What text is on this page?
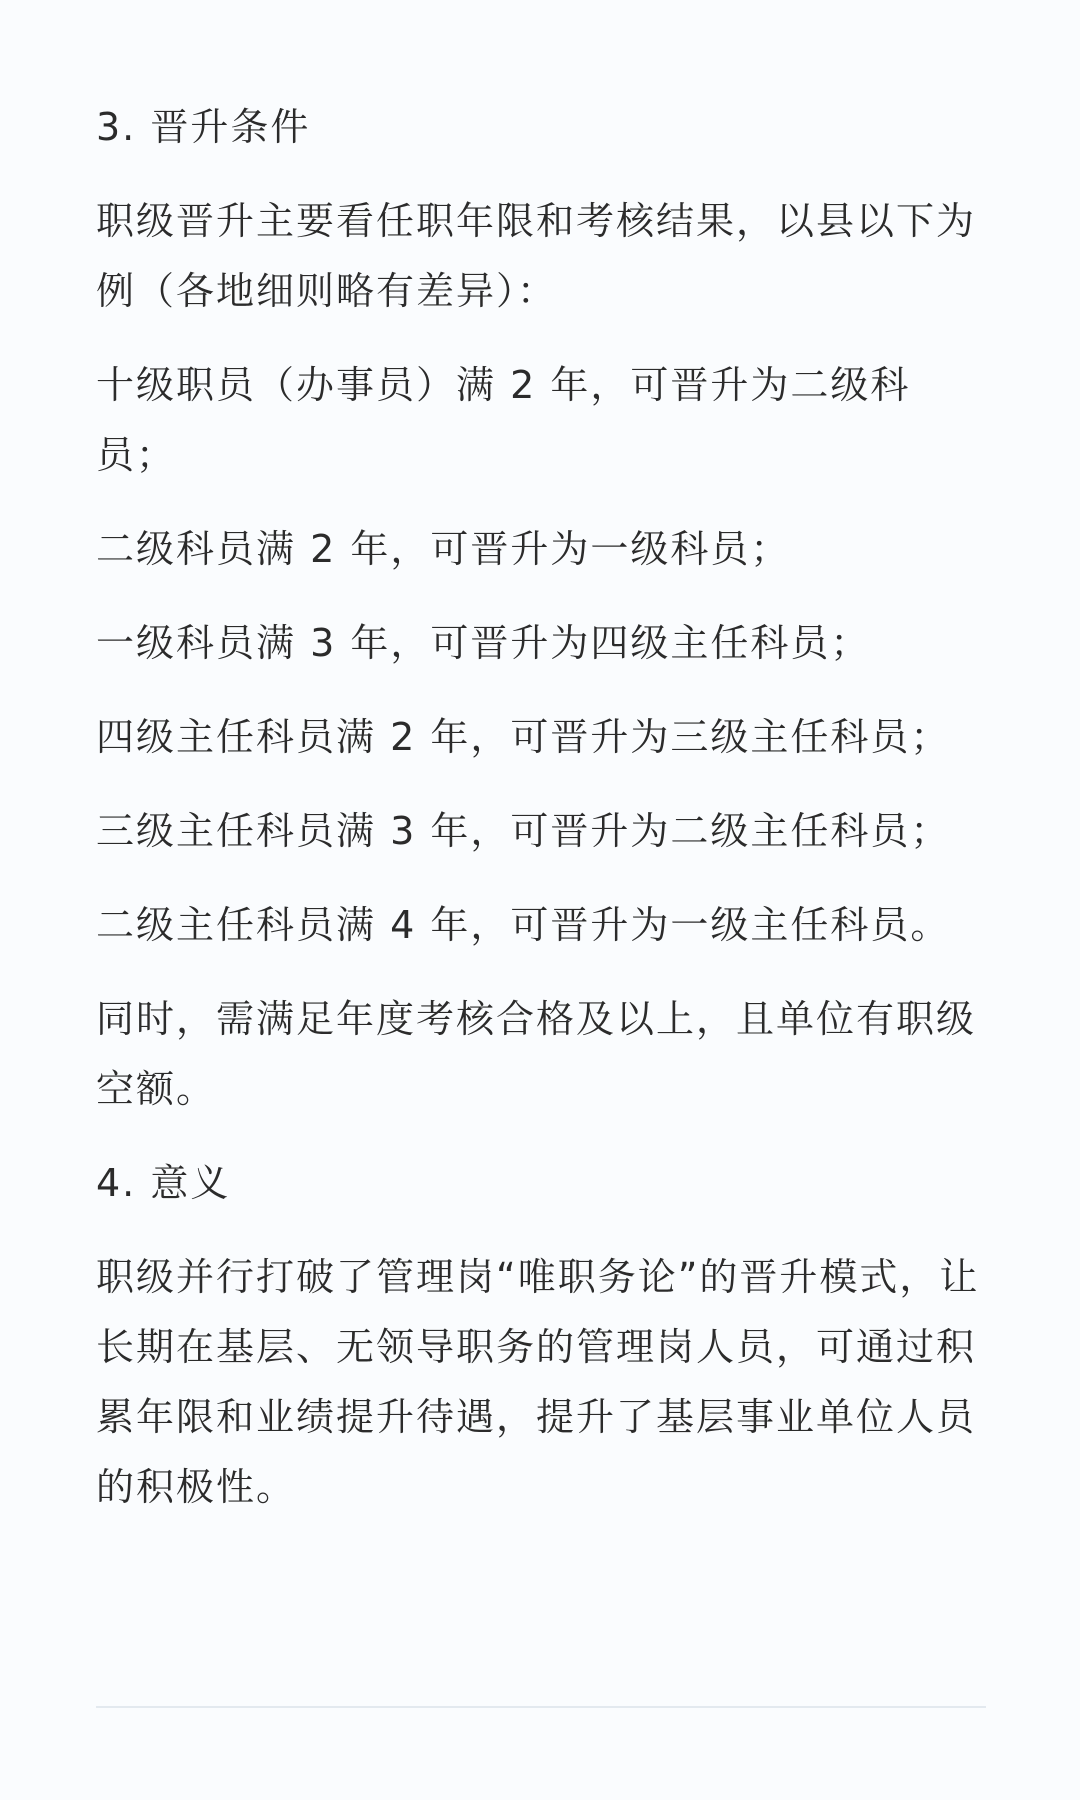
3. 晋升条件

职级晋升主要看任职年限和考核结果，以县以下为例（各地细则略有差异）：

十级职员（办事员）满 2 年，可晋升为二级科员；

二级科员满 2 年，可晋升为一级科员；

一级科员满 3 年，可晋升为四级主任科员；

四级主任科员满 2 年，可晋升为三级主任科员；

三级主任科员满 3 年，可晋升为二级主任科员；

二级主任科员满 4 年，可晋升为一级主任科员。

同时，需满足年度考核合格及以上，且单位有职级空额。

4. 意义

职级并行打破了管理岗“唯职务论”的晋升模式，让长期在基层、无领导职务的管理岗人员，可通过积累年限和业绩提升待遇，提升了基层事业单位人员的积极性。
